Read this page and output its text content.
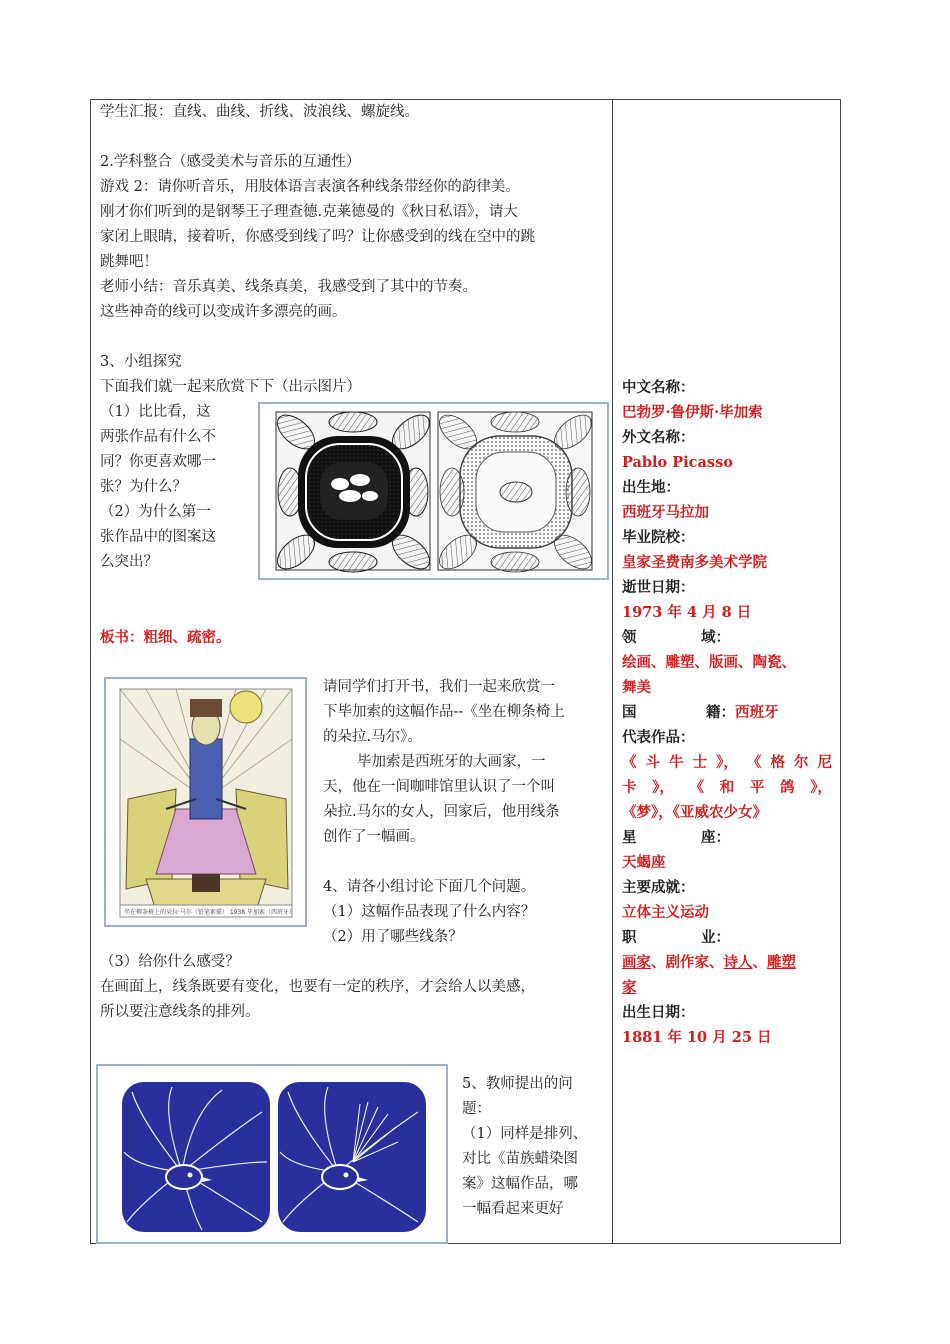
学生汇报：直线、曲线、折线、波浪线、螺旋线。
2.学科整合（感受美术与音乐的互通性）
游戏 2：请你听音乐，用肢体语言表演各种线条带经你的韵律美。
刚才你们听到的是钢琴王子理查德.克莱德曼的《秋日私语》，请大
家闭上眼睛，接着听，你感受到线了吗？让你感受到的线在空中的跳
跳舞吧！
老师小结：音乐真美、线条真美，我感受到了其中的节奏。
这些神奇的线可以变成许多漂亮的画。
3、小组探究
下面我们就一起来欣赏下下（出示图片）
（1）比比看，这
两张作品有什么不
同？你更喜欢哪一
张？为什么？
（2）为什么第一
张作品中的图案这
么突出？
板书：粗细、疏密。
坐在柳条椅上的朵拉·马尔（铅笔素描） 1938 毕加索（西班牙）
请同学们打开书，我们一起来欣赏一
下毕加索的这幅作品--《坐在柳条椅上
的朵拉.马尔》。
毕加索是西班牙的大画家，一
天，他在一间咖啡馆里认识了一个叫
朵拉.马尔的女人，回家后，他用线条
创作了一幅画。
4、请各小组讨论下面几个问题。
（1）这幅作品表现了什么内容？
（2）用了哪些线条？
（3）给你什么感受？
在画面上，线条既要有变化，也要有一定的秩序，才会给人以美感，
所以要注意线条的排列。
5、教师提出的问
题：
（1）同样是排列、
对比《苗族蜡染图
案》这幅作品，哪
一幅看起来更好
中文名称：
巴勃罗·鲁伊斯·毕加索
外文名称：
Pablo Picasso
出生地：
西班牙马拉加
毕业院校：
皇家圣费南多美术学院
逝世日期：
1973 年 4 月 8 日
领	域：
绘画、雕塑、版画、陶瓷、
舞美
国	籍：西班牙
代表作品：
《 斗 牛 士 》， 《 格 尔 尼
卡 》， 《 和 平 鸽 》，
《梦》，《亚威农少女》
星	座：
天蝎座
主要成就：
立体主义运动
职	业：
画家、剧作家、诗人、雕塑
家
出生日期：
1881 年 10 月 25 日
